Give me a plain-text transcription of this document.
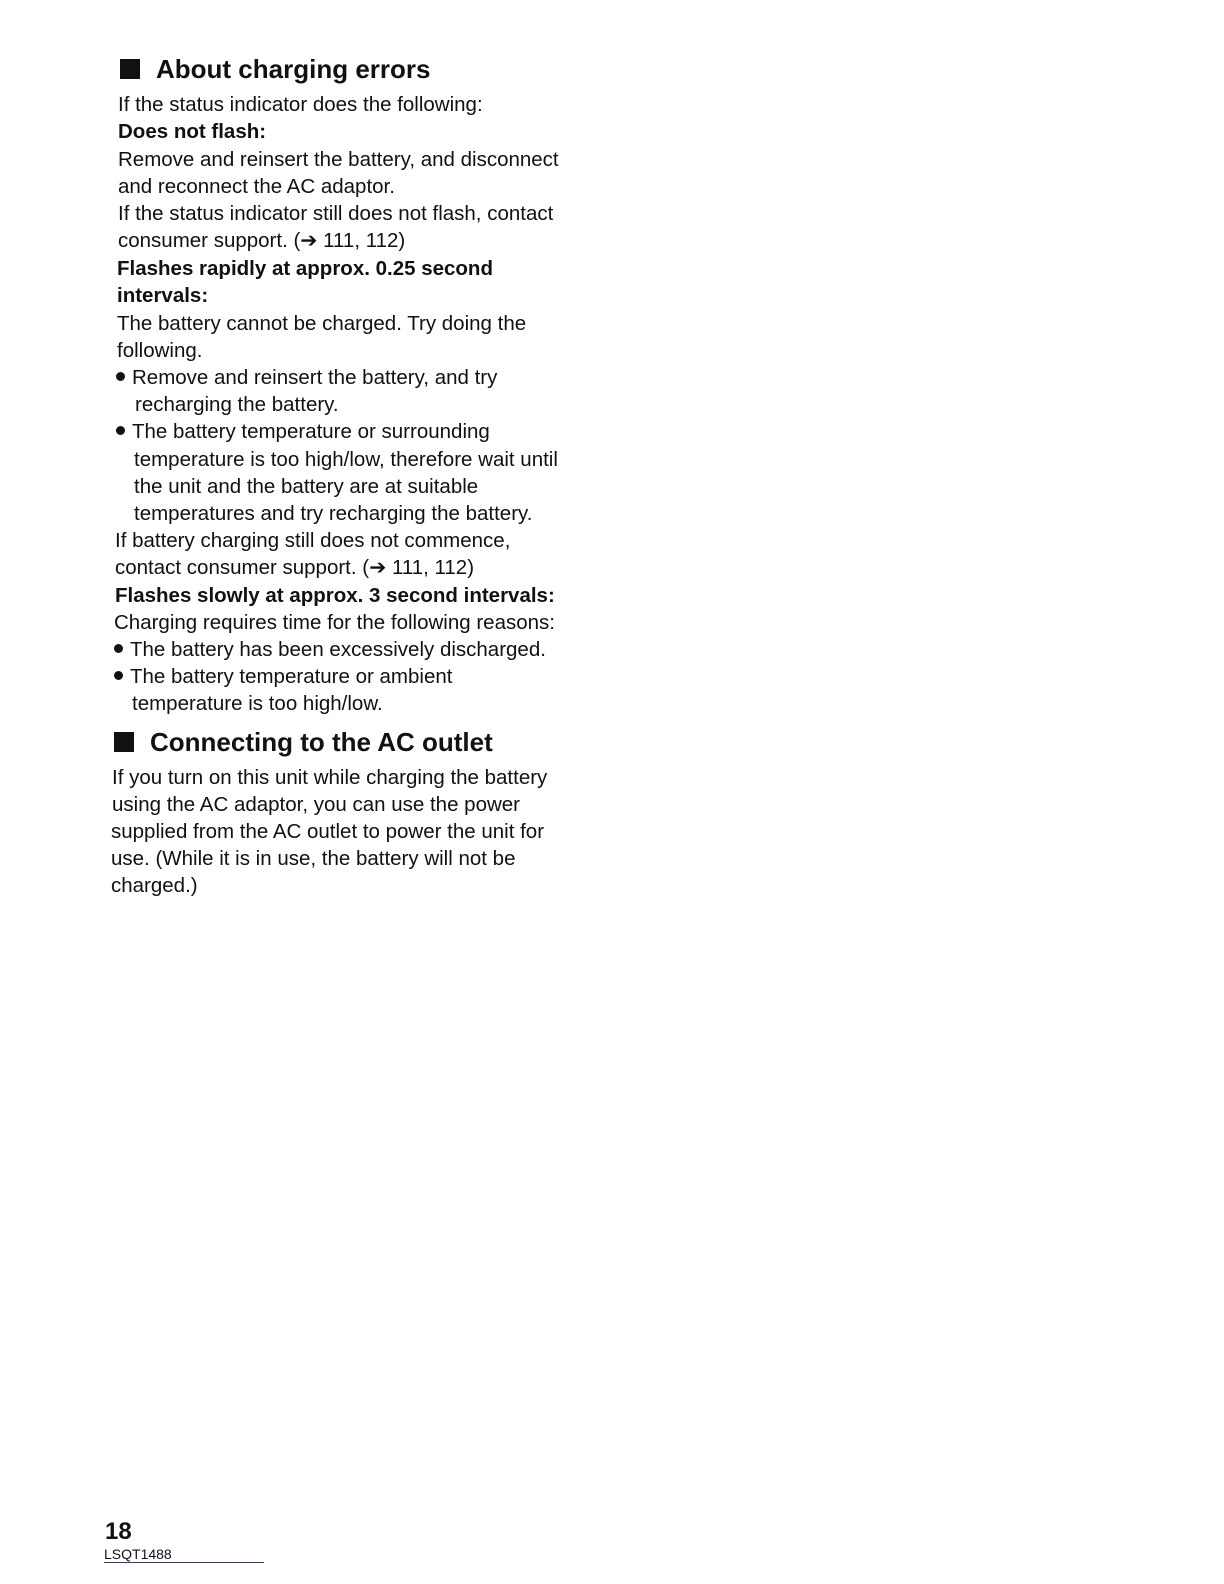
About charging errors
If the status indicator does the following:
Does not flash:
Remove and reinsert the battery, and disconnect
and reconnect the AC adaptor.
If the status indicator still does not flash, contact
consumer support. (➔ 111, 112)
Flashes rapidly at approx. 0.25 second
intervals:
The battery cannot be charged. Try doing the
following.
Remove and reinsert the battery, and try
recharging the battery.
The battery temperature or surrounding
temperature is too high/low, therefore wait until
the unit and the battery are at suitable
temperatures and try recharging the battery.
If battery charging still does not commence,
contact consumer support. (➔ 111, 112)
Flashes slowly at approx. 3 second intervals:
Charging requires time for the following reasons:
The battery has been excessively discharged.
The battery temperature or ambient
temperature is too high/low.
Connecting to the AC outlet
If you turn on this unit while charging the battery
using the AC adaptor, you can use the power
supplied from the AC outlet to power the unit for
use. (While it is in use, the battery will not be
charged.)
18
LSQT1488
